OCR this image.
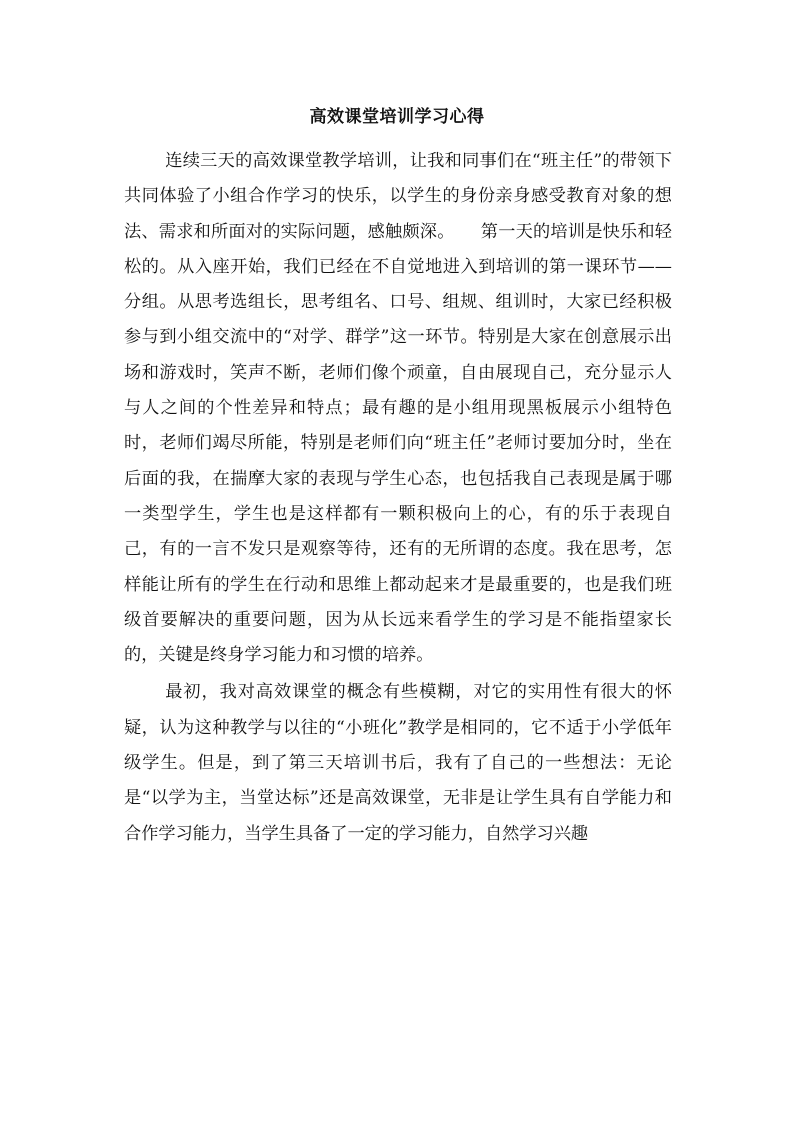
高效课堂培训学习心得

连续三天的高效课堂教学培训，让我和同事们在“班主任”的带领下共同体验了小组合作学习的快乐，以学生的身份亲身感受教育对象的想法、需求和所面对的实际问题，感触颇深。　　第一天的培训是快乐和轻松的。从入座开始，我们已经在不自觉地进入到培训的第一课环节——分组。从思考选组长，思考组名、口号、组规、组训时，大家已经积极参与到小组交流中的“对学、群学”这一环节。特别是大家在创意展示出场和游戏时，笑声不断，老师们像个顽童，自由展现自己，充分显示人与人之间的个性差异和特点；最有趣的是小组用现黑板展示小组特色时，老师们竭尽所能，特别是老师们向“班主任”老师讨要加分时，坐在后面的我，在揣摩大家的表现与学生心态，也包括我自己表现是属于哪一类型学生，学生也是这样都有一颗积极向上的心，有的乐于表现自己，有的一言不发只是观察等待，还有的无所谓的态度。我在思考，怎样能让所有的学生在行动和思维上都动起来才是最重要的，也是我们班级首要解决的重要问题，因为从长远来看学生的学习是不能指望家长的，关键是终身学习能力和习惯的培养。

最初，我对高效课堂的概念有些模糊，对它的实用性有很大的怀疑，认为这种教学与以往的“小班化”教学是相同的，它不适于小学低年级学生。但是，到了第三天培训书后，我有了自己的一些想法：无论是“以学为主，当堂达标”还是高效课堂，无非是让学生具有自学能力和合作学习能力，当学生具备了一定的学习能力，自然学习兴趣
